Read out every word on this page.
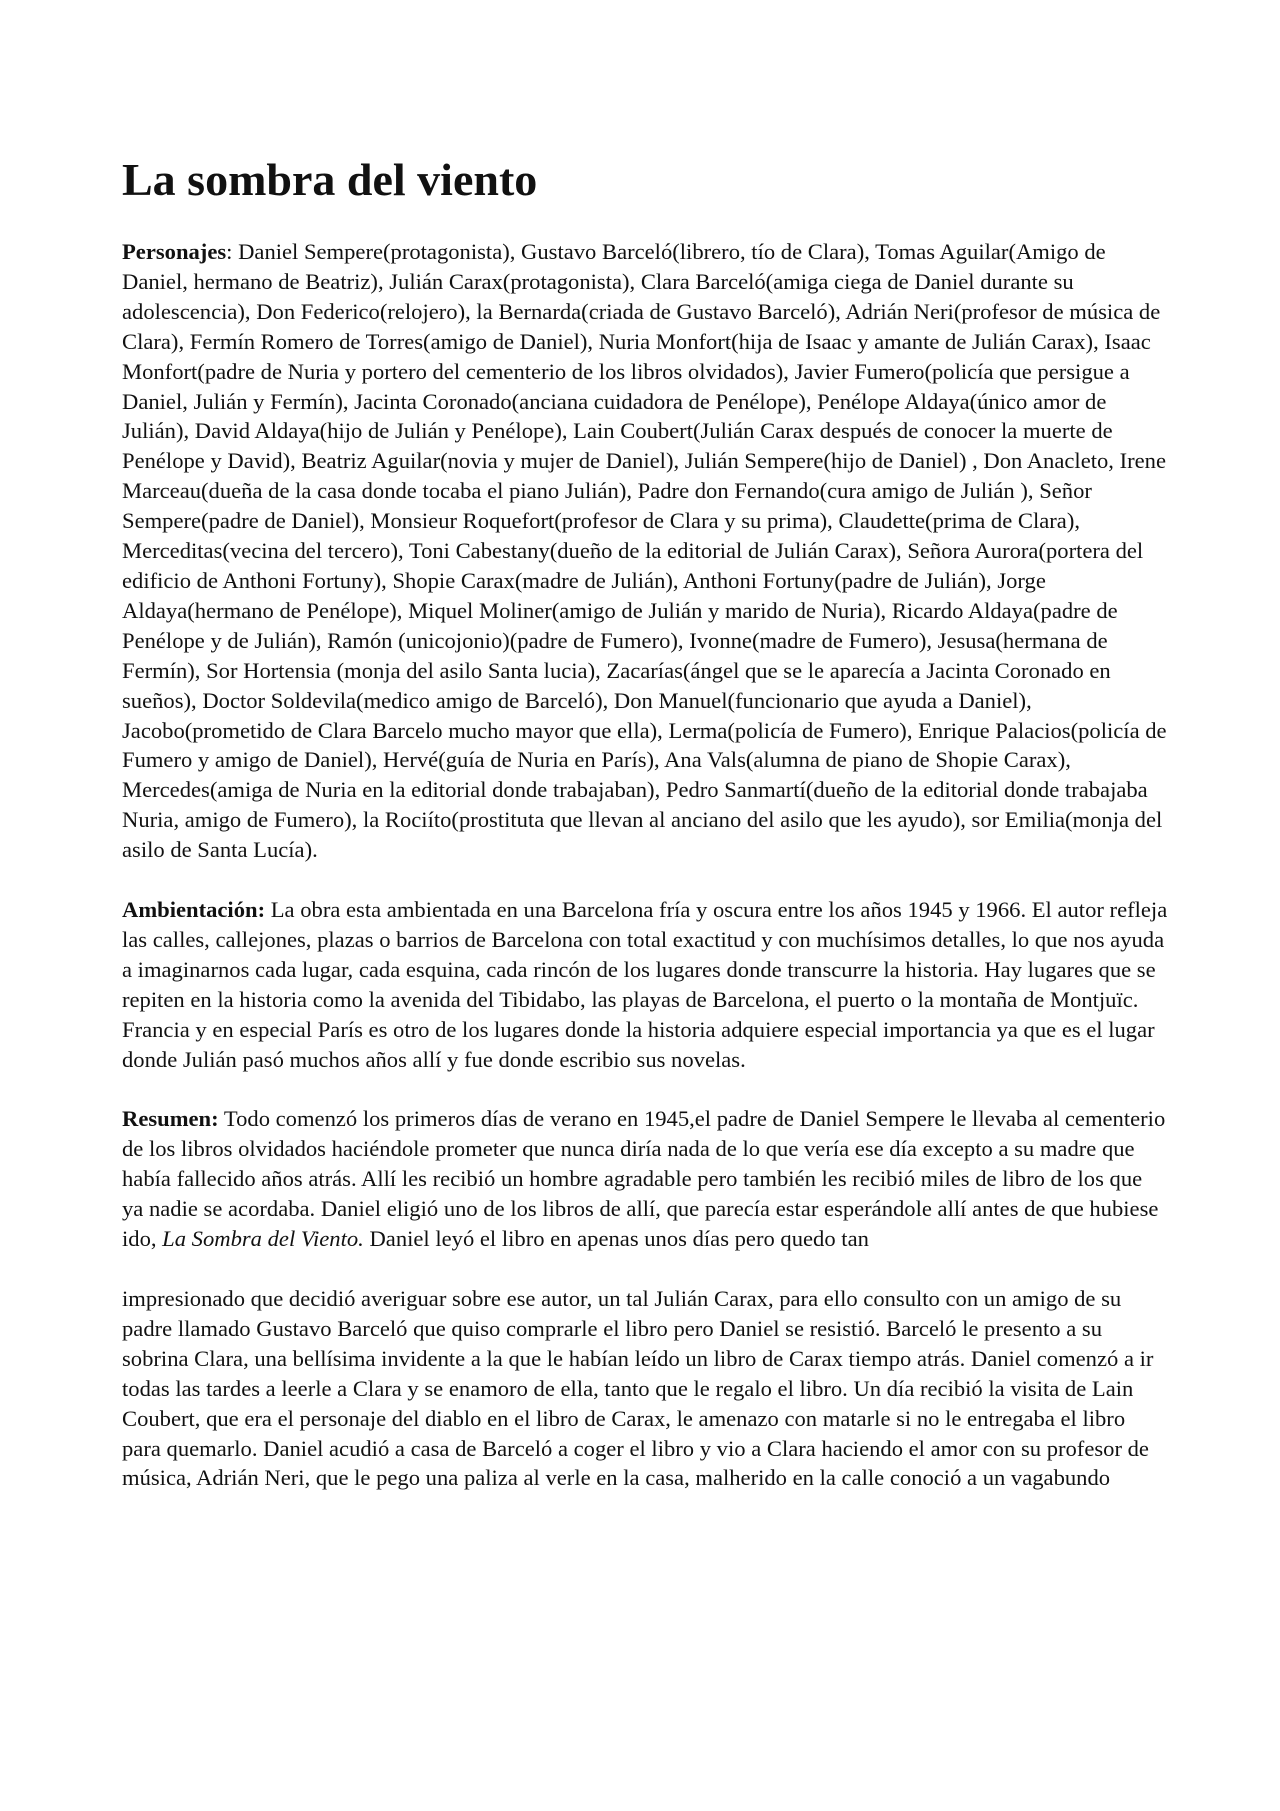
La sombra del viento

Personajes: Daniel Sempere(protagonista), Gustavo Barceló(librero, tío de Clara), Tomas Aguilar(Amigo de Daniel, hermano de Beatriz), Julián Carax(protagonista), Clara Barceló(amiga ciega de Daniel durante su adolescencia), Don Federico(relojero), la Bernarda(criada de Gustavo Barceló), Adrián Neri(profesor de música de Clara), Fermín Romero de Torres(amigo de Daniel), Nuria Monfort(hija de Isaac y amante de Julián Carax), Isaac Monfort(padre de Nuria y portero del cementerio de los libros olvidados), Javier Fumero(policía que persigue a Daniel, Julián y Fermín), Jacinta Coronado(anciana cuidadora de Penélope), Penélope Aldaya(único amor de Julián), David Aldaya(hijo de Julián y Penélope), Lain Coubert(Julián Carax después de conocer la muerte de Penélope y David), Beatriz Aguilar(novia y mujer de Daniel), Julián Sempere(hijo de Daniel) , Don Anacleto, Irene Marceau(dueña de la casa donde tocaba el piano Julián), Padre don Fernando(cura amigo de Julián ), Señor Sempere(padre de Daniel), Monsieur Roquefort(profesor de Clara y su prima), Claudette(prima de Clara), Merceditas(vecina del tercero), Toni Cabestany(dueño de la editorial de Julián Carax), Señora Aurora(portera del edificio de Anthoni Fortuny), Shopie Carax(madre de Julián), Anthoni Fortuny(padre de Julián), Jorge Aldaya(hermano de Penélope), Miquel Moliner(amigo de Julián y marido de Nuria), Ricardo Aldaya(padre de Penélope y de Julián), Ramón (unicojonio)(padre de Fumero), Ivonne(madre de Fumero), Jesusa(hermana de Fermín), Sor Hortensia (monja del asilo Santa lucia), Zacarías(ángel que se le aparecía a Jacinta Coronado en sueños), Doctor Soldevila(medico amigo de Barceló), Don Manuel(funcionario que ayuda a Daniel), Jacobo(prometido de Clara Barcelo mucho mayor que ella), Lerma(policía de Fumero), Enrique Palacios(policía de Fumero y amigo de Daniel), Hervé(guía de Nuria en París), Ana Vals(alumna de piano de Shopie Carax), Mercedes(amiga de Nuria en la editorial donde trabajaban), Pedro Sanmartí(dueño de la editorial donde trabajaba Nuria, amigo de Fumero), la Rociíto(prostituta que llevan al anciano del asilo que les ayudo), sor Emilia(monja del asilo de Santa Lucía).

Ambientación: La obra esta ambientada en una Barcelona fría y oscura entre los años 1945 y 1966. El autor refleja las calles, callejones, plazas o barrios de Barcelona con total exactitud y con muchísimos detalles, lo que nos ayuda a imaginarnos cada lugar, cada esquina, cada rincón de los lugares donde transcurre la historia. Hay lugares que se repiten en la historia como la avenida del Tibidabo, las playas de Barcelona, el puerto o la montaña de Montjuïc. Francia y en especial París es otro de los lugares donde la historia adquiere especial importancia ya que es el lugar donde Julián pasó muchos años allí y fue donde escribio sus novelas.

Resumen: Todo comenzó los primeros días de verano en 1945,el padre de Daniel Sempere le llevaba al cementerio de los libros olvidados haciéndole prometer que nunca diría nada de lo que vería ese día excepto a su madre que había fallecido años atrás. Allí les recibió un hombre agradable pero también les recibió miles de libro de los que ya nadie se acordaba. Daniel eligió uno de los libros de allí, que parecía estar esperándole allí antes de que hubiese ido, La Sombra del Viento. Daniel leyó el libro en apenas unos días pero quedo tan

impresionado que decidió averiguar sobre ese autor, un tal Julián Carax, para ello consulto con un amigo de su padre llamado Gustavo Barceló que quiso comprarle el libro pero Daniel se resistió. Barceló le presento a su sobrina Clara, una bellísima invidente a la que le habían leído un libro de Carax tiempo atrás. Daniel comenzó a ir todas las tardes a leerle a Clara y se enamoro de ella, tanto que le regalo el libro. Un día recibió la visita de Lain Coubert, que era el personaje del diablo en el libro de Carax, le amenazo con matarle si no le entregaba el libro para quemarlo. Daniel acudió a casa de Barceló a coger el libro y vio a Clara haciendo el amor con su profesor de música, Adrián Neri, que le pego una paliza al verle en la casa, malherido en la calle conoció a un vagabundo
